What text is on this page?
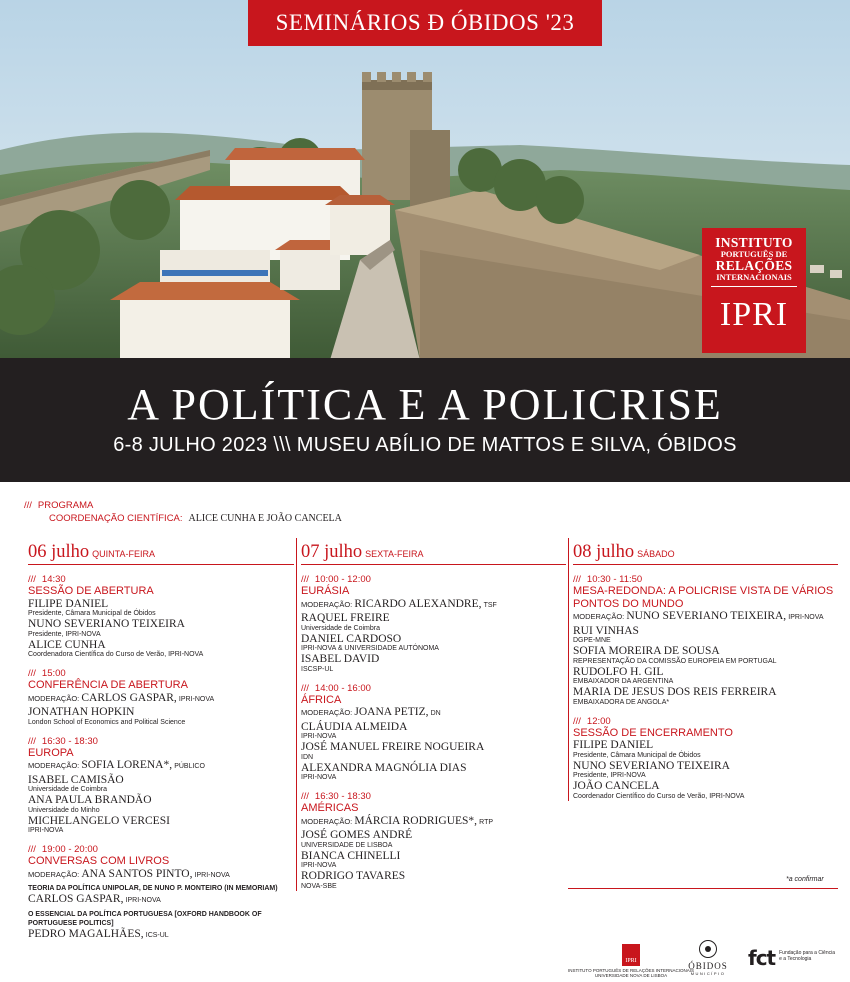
SEMINÁRIOS Đ ÓBIDOS '23
INSTITUTO
PORTUGUÊS DE
RELAÇÕES
INTERNACIONAIS
IPRI
A POLÍTICA E A POLICRISE
6-8 JULHO 2023 \\\ MUSEU ABÍLIO DE MATTOS E SILVA, ÓBIDOS
/// PROGRAMA
COORDENAÇÃO CIENTÍFICA: ALICE CUNHA E JOÃO CANCELA
06 julho QUINTA-FEIRA
/// 14:30
SESSÃO DE ABERTURA
FILIPE DANIEL
Presidente, Câmara Municipal de Óbidos
NUNO SEVERIANO TEIXEIRA
Presidente, IPRI-NOVA
ALICE CUNHA
Coordenadora Científica do Curso de Verão, IPRI-NOVA
/// 15:00
CONFERÊNCIA DE ABERTURA
MODERAÇÃO: CARLOS GASPAR, IPRI-NOVA
JONATHAN HOPKIN
London School of Economics and Political Science
/// 16:30 - 18:30
EUROPA
MODERAÇÃO: SOFIA LORENA*, PÚBLICO
ISABEL CAMISÃO
Universidade de Coimbra
ANA PAULA BRANDÃO
Universidade do Minho
MICHELANGELO VERCESI
IPRI-NOVA
/// 19:00 - 20:00
CONVERSAS COM LIVROS
MODERAÇÃO: ANA SANTOS PINTO, IPRI-NOVA
TEORIA DA POLÍTICA UNIPOLAR, DE NUNO P. MONTEIRO (IN MEMORIAM)
CARLOS GASPAR, IPRI-NOVA
O ESSENCIAL DA POLÍTICA PORTUGUESA [OXFORD HANDBOOK OF PORTUGUESE POLITICS]
PEDRO MAGALHÃES, ICS-UL
07 julho SEXTA-FEIRA
/// 10:00 - 12:00
EURÁSIA
MODERAÇÃO: RICARDO ALEXANDRE, TSF
RAQUEL FREIRE
Universidade de Coimbra
DANIEL CARDOSO
IPRI-NOVA & UNIVERSIDADE AUTÓNOMA
ISABEL DAVID
ISCSP-UL
/// 14:00 - 16:00
ÁFRICA
MODERAÇÃO: JOANA PETIZ, DN
CLÁUDIA ALMEIDA
IPRI-NOVA
JOSÉ MANUEL FREIRE NOGUEIRA
IDN
ALEXANDRA MAGNÓLIA DIAS
IPRI-NOVA
/// 16:30 - 18:30
AMÉRICAS
MODERAÇÃO: MÁRCIA RODRIGUES*, RTP
JOSÉ GOMES ANDRÉ
UNIVERSIDADE DE LISBOA
BIANCA CHINELLI
IPRI-NOVA
RODRIGO TAVARES
NOVA-SBE
08 julho SÁBADO
/// 10:30 - 11:50
MESA-REDONDA: A POLICRISE VISTA DE VÁRIOS PONTOS DO MUNDO
MODERAÇÃO: NUNO SEVERIANO TEIXEIRA, IPRI-NOVA
RUI VINHAS
DGPE-MNE
SOFIA MOREIRA DE SOUSA
REPRESENTAÇÃO DA COMISSÃO EUROPEIA EM PORTUGAL
RUDOLFO H. GIL
EMBAIXADOR DA ARGENTINA
MARIA DE JESUS DOS REIS FERREIRA
EMBAIXADORA DE ANGOLA*
/// 12:00
SESSÃO DE ENCERRAMENTO
FILIPE DANIEL
Presidente, Câmara Municipal de Óbidos
NUNO SEVERIANO TEIXEIRA
Presidente, IPRI-NOVA
JOÃO CANCELA
Coordenador Científico do Curso de Verão, IPRI-NOVA
*a confirmar
IPRI
INSTITUTO PORTUGUÊS DE RELAÇÕES INTERNACIONAIS UNIVERSIDADE NOVA DE LISBOA
ÓBIDOS
MUNICÍPIO
fct Fundação para a Ciência e a Tecnologia
